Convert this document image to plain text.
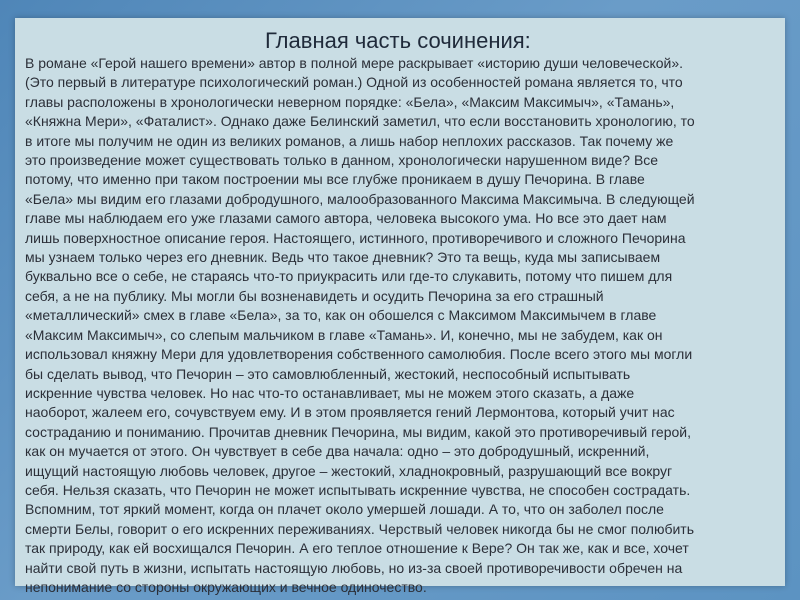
Главная часть сочинения:
В романе «Герой нашего времени» автор в полной мере раскрывает «историю души человеческой».
(Это первый в литературе психологический роман.) Одной из особенностей романа является то, что
главы расположены в хронологически неверном порядке: «Бела», «Максим Максимыч», «Тамань»,
«Княжна Мери», «Фаталист». Однако даже Белинский заметил, что если восстановить хронологию, то
в итоге мы получим не один из великих романов, а лишь набор неплохих рассказов. Так почему же
это произведение может существовать только в данном, хронологически нарушенном виде? Все
потому, что именно при таком построении мы все глубже проникаем в душу Печорина. В главе
«Бела» мы видим его глазами добродушного, малообразованного Максима Максимыча. В следующей
главе мы наблюдаем его уже глазами самого автора, человека высокого ума. Но все это дает нам
лишь поверхностное описание героя. Настоящего, истинного, противоречивого и сложного Печорина
мы узнаем только через его дневник. Ведь что такое дневник? Это та вещь, куда мы записываем
буквально все о себе, не стараясь что-то приукрасить или где-то слукавить, потому что пишем для
себя, а не на публику. Мы могли бы возненавидеть и осудить Печорина за его страшный
«металлический» смех в главе «Бела», за то, как он обошелся с Максимом Максимычем в главе
«Максим Максимыч», со слепым мальчиком в главе «Тамань». И, конечно, мы не забудем, как он
использовал княжну Мери для удовлетворения собственного самолюбия. После всего этого мы могли
бы сделать вывод, что Печорин – это самовлюбленный, жестокий, неспособный испытывать
искренние чувства человек. Но нас что-то останавливает, мы не можем этого сказать, а даже
наоборот, жалеем его, сочувствуем ему. И в этом проявляется гений Лермонтова, который учит нас
состраданию и пониманию. Прочитав дневник Печорина, мы видим, какой это противоречивый герой,
как он мучается от этого. Он чувствует в себе два начала: одно – это добродушный, искренний,
ищущий настоящую любовь человек, другое – жестокий, хладнокровный, разрушающий все вокруг
себя. Нельзя сказать, что Печорин не может испытывать искренние чувства, не способен сострадать.
Вспомним, тот яркий момент, когда он плачет около умершей лошади. А то, что он заболел после
смерти Белы, говорит о его искренних переживаниях. Черствый человек никогда бы не смог полюбить
так природу, как ей восхищался Печорин. А его теплое отношение к Вере? Он так же, как и все, хочет
найти свой путь в жизни, испытать настоящую любовь, но из-за своей противоречивости обречен на
непонимание со стороны окружающих и вечное одиночество.
